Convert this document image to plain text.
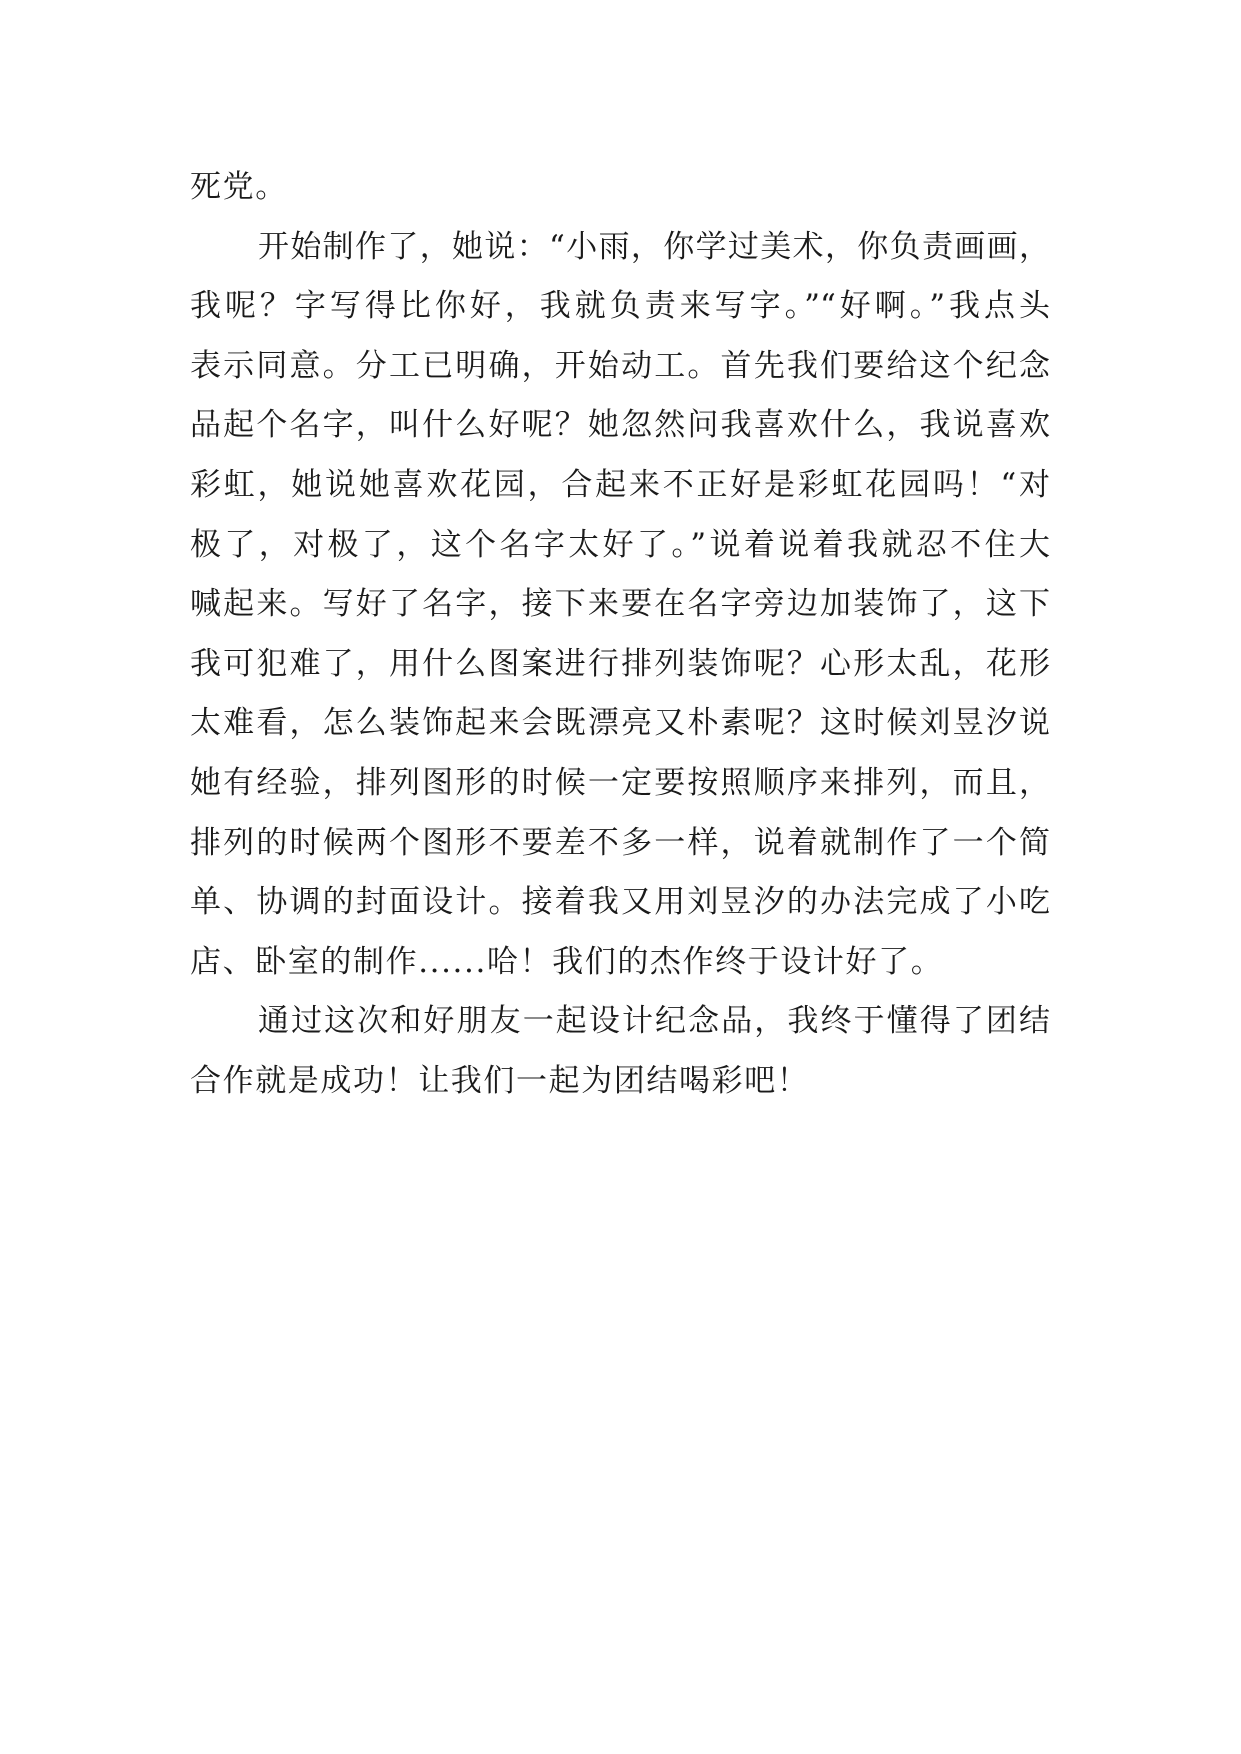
死党。
开始制作了，她说：“小雨，你学过美术，你负责画画，
我呢？字写得比你好，我就负责来写字。”“好啊。”我点头
表示同意。分工已明确，开始动工。首先我们要给这个纪念
品起个名字，叫什么好呢？她忽然问我喜欢什么，我说喜欢
彩虹，她说她喜欢花园，合起来不正好是彩虹花园吗！“对
极了，对极了，这个名字太好了。”说着说着我就忍不住大
喊起来。写好了名字，接下来要在名字旁边加装饰了，这下
我可犯难了，用什么图案进行排列装饰呢？心形太乱，花形
太难看，怎么装饰起来会既漂亮又朴素呢？这时候刘昱汐说
她有经验，排列图形的时候一定要按照顺序来排列，而且，
排列的时候两个图形不要差不多一样，说着就制作了一个简
单、协调的封面设计。接着我又用刘昱汐的办法完成了小吃
店、卧室的制作......哈！我们的杰作终于设计好了。
通过这次和好朋友一起设计纪念品，我终于懂得了团结
合作就是成功！让我们一起为团结喝彩吧！
